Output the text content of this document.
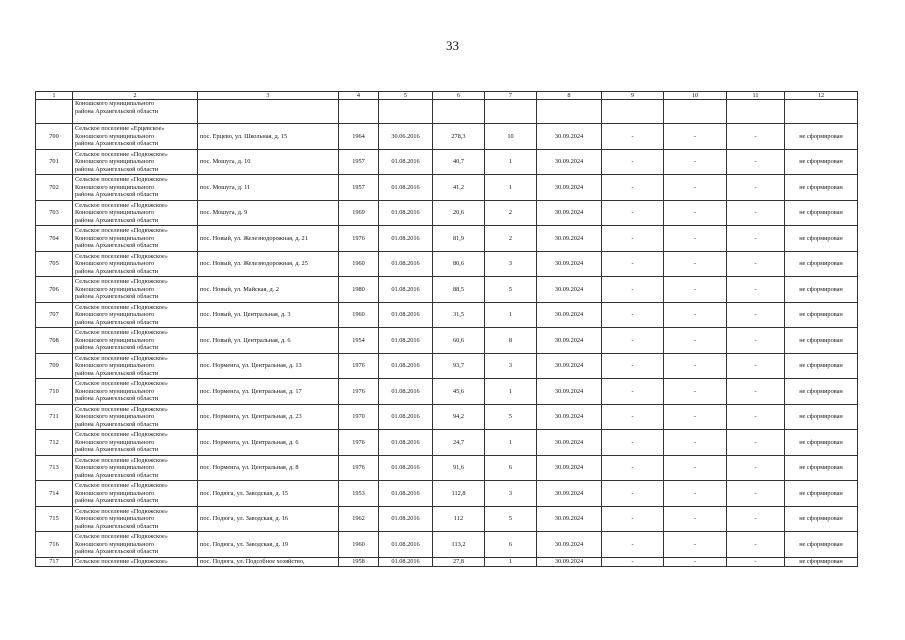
33
1	2	3	4	5	6	7	8	9	10	11	12
	Коношского муниципального
района Архангельской области										
700	Сельское поселение «Ерцевское»
Коношского муниципального
района Архангельской области	пос. Ерцево, ул. Школьная, д. 15	1964	30.06.2016	278,3	10	30.09.2024	-	-	-	не сформирован
701	Сельское поселение «Подюжское»
Коношского муниципального
района Архангельской области	пос. Мошуга, д. 10	1957	01.08.2016	40,7	1	30.09.2024	-	-	-	не сформирован
702	Сельское поселение «Подюжское»
Коношского муниципального
района Архангельской области	пос. Мошуга, д. 11	1957	01.08.2016	41,2	1	30.09.2024	-	-	-	не сформирован
703	Сельское поселение «Подюжское»
Коношского муниципального
района Архангельской области	пос. Мошуга, д. 9	1969	01.08.2016	20,6	2	30.09.2024	-	-	-	не сформирован
704	Сельское поселение «Подюжское»
Коношского муниципального
района Архангельской области	пос. Новый, ул. Железнодорожная, д. 21	1976	01.08.2016	81,9	2	30.09.2024	-	-	-	не сформирован
705	Сельское поселение «Подюжское»
Коношского муниципального
района Архангельской области	пос. Новый, ул. Железнодорожная, д. 25	1960	01.08.2016	80,6	3	30.09.2024	-	-	-	не сформирован
706	Сельское поселение «Подюжское»
Коношского муниципального
района Архангельской области	пос. Новый, ул. Майская, д. 2	1980	01.08.2016	88,5	5	30.09.2024	-	-	-	не сформирован
707	Сельское поселение «Подюжское»
Коношского муниципального
района Архангельской области	пос. Новый, ул. Центральная, д. 3	1960	01.08.2016	31,5	1	30.09.2024	-	-	-	не сформирован
708	Сельское поселение «Подюжское»
Коношского муниципального
района Архангельской области	пос. Новый, ул. Центральная, д. 6	1954	01.08.2016	60,6	8	30.09.2024	-	-	-	не сформирован
709	Сельское поселение «Подюжское»
Коношского муниципального
района Архангельской области	пос. Норменга, ул. Центральная, д. 13	1976	01.08.2016	93,7	3	30.09.2024	-	-	-	не сформирован
710	Сельское поселение «Подюжское»
Коношского муниципального
района Архангельской области	пос. Норменга, ул. Центральная, д. 17	1976	01.08.2016	45,6	1	30.09.2024	-	-	-	не сформирован
711	Сельское поселение «Подюжское»
Коношского муниципального
района Архангельской области	пос. Норменга, ул. Центральная, д. 23	1970	01.08.2016	94,2	5	30.09.2024	-	-	-	не сформирован
712	Сельское поселение «Подюжское»
Коношского муниципального
района Архангельской области	пос. Норменга, ул. Центральная, д. 6	1976	01.08.2016	24,7	1	30.09.2024	-	-	-	не сформирован
713	Сельское поселение «Подюжское»
Коношского муниципального
района Архангельской области	пос. Норменга, ул. Центральная, д. 8	1976	01.08.2016	91,6	6	30.09.2024	-	-	-	не сформирован
714	Сельское поселение «Подюжское»
Коношского муниципального
района Архангельской области	пос. Подюга, ул. Заводская, д. 15	1953	01.08.2016	112,8	3	30.09.2024	-	-	-	не сформирован
715	Сельское поселение «Подюжское»
Коношского муниципального
района Архангельской области	пос. Подюга, ул. Заводская, д. 16	1962	01.08.2016	112	5	30.09.2024	-	-	-	не сформирован
716	Сельское поселение «Подюжское»
Коношского муниципального
района Архангельской области	пос. Подюга, ул. Заводская, д. 19	1960	01.08.2016	113,2	6	30.09.2024	-	-	-	не сформирован
717	Сельское поселение «Подюжское»	пос. Подюга, ул. Подсобное хозяйство,	1958	01.08.2016	27,8	1	30.09.2024	-	-	-	не сформирован
